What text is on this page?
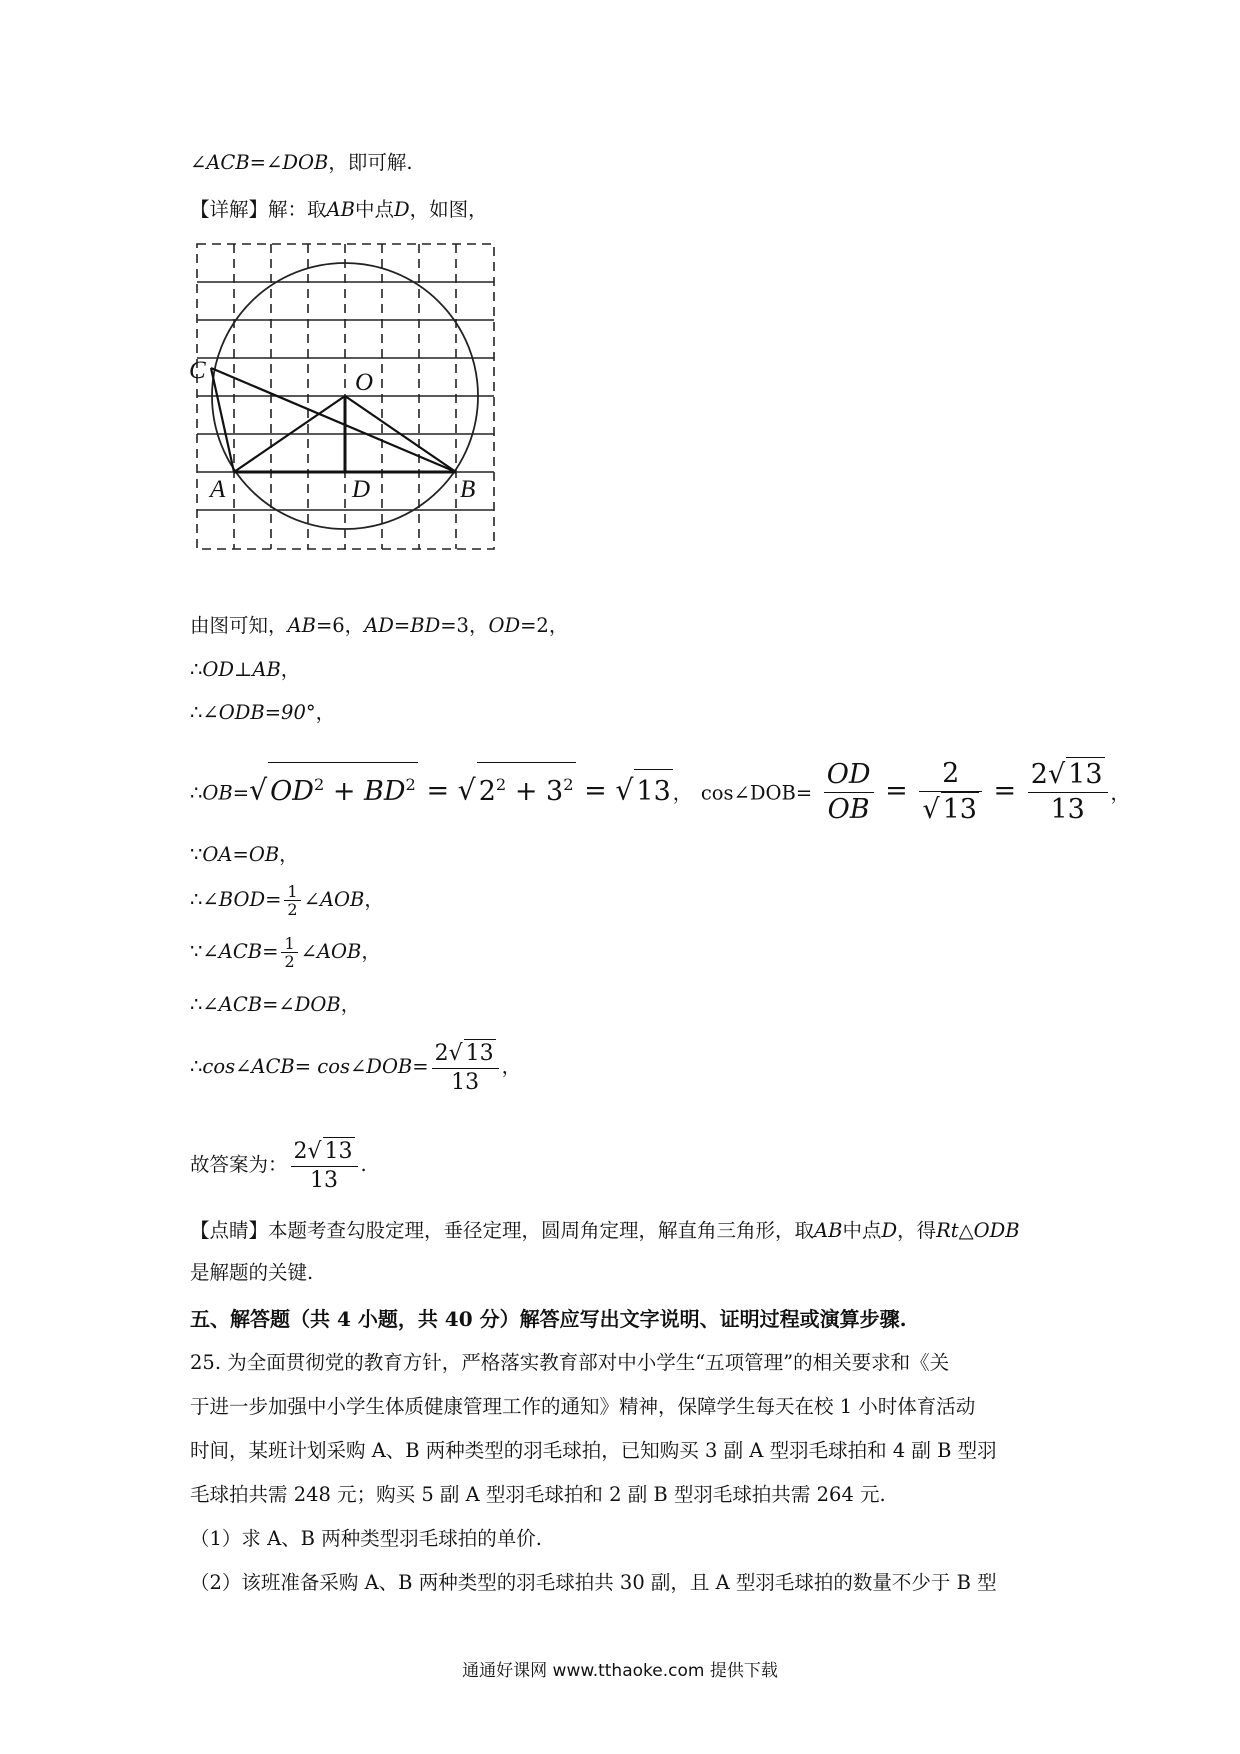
∠ACB=∠DOB，即可解.
【详解】解：取AB中点D，如图，
C	O
A	D	B
由图可知，AB=6，AD=BD=3，OD=2，
∴OD⊥AB，
∴∠ODB=90°，
∴OB=√ $OD^2 + BD^2$ = √ $2^2 + 3^2$ = √ 13 ， cos∠DOB= $\frac{OD}{OB} = \frac{2}{√ 13} = \frac{2√ 13}{13}$ ，
∵OA=OB，
∴∠BOD= $\frac{1}{2}$ ∠AOB，
∵∠ACB= $\frac{1}{2}$ ∠AOB，
∴∠ACB=∠DOB，
∴cos∠ACB= cos∠DOB= $\frac{2√ 13}{13}$ ，
故答案为： $\frac{2√ 13}{13}$ .
【点睛】本题考查勾股定理，垂径定理，圆周角定理，解直角三角形，取AB中点D，得Rt△ODB
是解题的关键.
五、解答题（共 4 小题，共 40 分）解答应写出文字说明、证明过程或演算步骤.
25. 为全面贯彻党的教育方针，严格落实教育部对中小学生“五项管理”的相关要求和《关
于进一步加强中小学生体质健康管理工作的通知》精神，保障学生每天在校 1 小时体育活动
时间，某班计划采购 A、B 两种类型的羽毛球拍，已知购买 3 副 A 型羽毛球拍和 4 副 B 型羽
毛球拍共需 248 元；购买 5 副 A 型羽毛球拍和 2 副 B 型羽毛球拍共需 264 元.
（1）求 A、B 两种类型羽毛球拍的单价.
（2）该班准备采购 A、B 两种类型的羽毛球拍共 30 副，且 A 型羽毛球拍的数量不少于 B 型
通通好课网 www.tthaoke.com 提供下载
